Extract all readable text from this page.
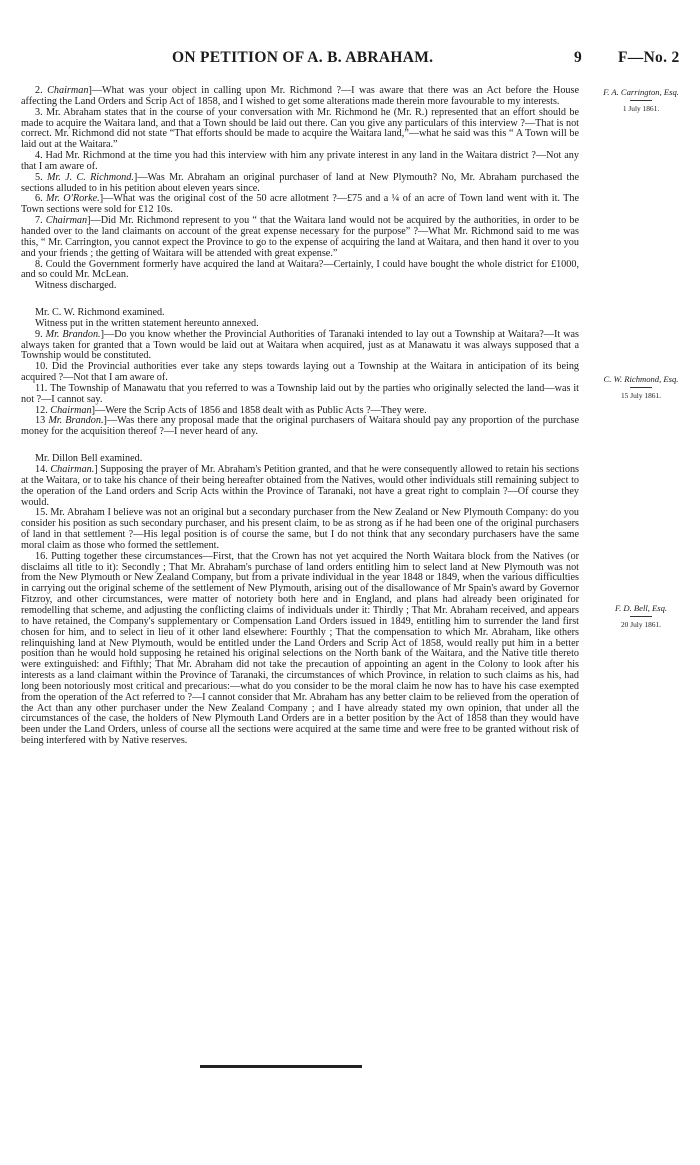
ON PETITION OF A. B. ABRAHAM.	9 F—No. 2

2. Chairman]—What was your object in calling upon Mr. Richmond ?—I was aware that there was an Act before the House affecting the Land Orders and Scrip Act of 1858, and I wished to get some alterations made therein more favourable to my interests.

3. Mr. Abraham states that in the course of your conversation with Mr. Richmond he (Mr. R.) represented that an effort should be made to acquire the Waitara land, and that a Town should be laid out there. Can you give any particulars of this interview ?—That is not correct. Mr. Richmond did not state “That efforts should be made to acquire the Waitara land,”—what he said was this “ A Town will be laid out at the Waitara.”

4. Had Mr. Richmond at the time you had this interview with him any private interest in any land in the Waitara district ?—Not any that I am aware of.

5. Mr. J. C. Richmond.]—Was Mr. Abraham an original purchaser of land at New Plymouth? No, Mr. Abraham purchased the sections alluded to in his petition about eleven years since.

6. Mr. O'Rorke.]—What was the original cost of the 50 acre allotment ?—£75 and a ¼ of an acre of Town land went with it. The Town sections were sold for £12 10s.

7. Chairman]—Did Mr. Richmond represent to you “ that the Waitara land would not be acquired by the authorities, in order to be handed over to the land claimants on account of the great expense necessary for the purpose” ?—What Mr. Richmond said to me was this, “ Mr. Carrington, you cannot expect the Province to go to the expense of acquiring the land at Waitara, and then hand it over to you and your friends ; the getting of Waitara will be attended with great expense.”

8. Could the Government formerly have acquired the land at Waitara?—Certainly, I could have bought the whole district for £1000, and so could Mr. McLean.

Witness discharged.

Mr. C. W. Richmond examined.

Witness put in the written statement hereunto annexed.

9. Mr. Brandon.]—Do you know whether the Provincial Authorities of Taranaki intended to lay out a Township at Waitara?—It was always taken for granted that a Town would be laid out at Waitara when acquired, just as at Manawatu it was always supposed that a Township would be constituted.

10. Did the Provincial authorities ever take any steps towards laying out a Township at the Waitara in anticipation of its being acquired ?—Not that I am aware of.

11. The Township of Manawatu that you referred to was a Township laid out by the parties who originally selected the land—was it not ?—I cannot say.

12. Chairman]—Were the Scrip Acts of 1856 and 1858 dealt with as Public Acts ?—They were.

13 Mr. Brandon.]—Was there any proposal made that the original purchasers of Waitara should pay any proportion of the purchase money for the acquisition thereof ?—I never heard of any.

Mr. Dillon Bell examined.

14. Chairman.] Supposing the prayer of Mr. Abraham's Petition granted, and that he were consequently allowed to retain his sections at the Waitara, or to take his chance of their being hereafter obtained from the Natives, would other individuals still remaining subject to the operation of the Land orders and Scrip Acts within the Province of Taranaki, not have a great right to complain ?—Of course they would.

15. Mr. Abraham I believe was not an original but a secondary purchaser from the New Zealand or New Plymouth Company: do you consider his position as such secondary purchaser, and his present claim, to be as strong as if he had been one of the original purchasers of land in that settlement ?—His legal position is of course the same, but I do not think that any secondary purchasers have the same moral claim as those who formed the settlement.

16. Putting together these circumstances—First, that the Crown has not yet acquired the North Waitara block from the Natives (or disclaims all title to it): Secondly ; That Mr. Abraham's purchase of land orders entitling him to select land at New Plymouth was not from the New Plymouth or New Zealand Company, but from a private individual in the year 1848 or 1849, when the various difficulties in carrying out the original scheme of the settlement of New Plymouth, arising out of the disallowance of Mr Spain's award by Governor Fitzroy, and other circumstances, were matter of notoriety both here and in England, and plans had already been originated for remodelling that scheme, and adjusting the conflicting claims of individuals under it: Thirdly ; That Mr. Abraham received, and appears to have retained, the Company's supplementary or Compensation Land Orders issued in 1849, entitling him to surrender the land first chosen for him, and to select in lieu of it other land elsewhere: Fourthly ; That the compensation to which Mr. Abraham, like others relinquishing land at New Plymouth, would be entitled under the Land Orders and Scrip Act of 1858, would really put him in a better position than he would hold supposing he retained his original selections on the North bank of the Waitara, and the Native title thereto were extinguished: and Fifthly; That Mr. Abraham did not take the precaution of appointing an agent in the Colony to look after his interests as a land claimant within the Province of Taranaki, the circumstances of which Province, in relation to such claims as his, had long been notoriously most critical and precarious:—what do you consider to be the moral claim he now has to have his case exempted from the operation of the Act referred to ?—I cannot consider that Mr. Abraham has any better claim to be relieved from the operation of the Act than any other purchaser under the New Zealand Company ; and I have already stated my own opinion, that under all the circumstances of the case, the holders of New Plymouth Land Orders are in a better position by the Act of 1858 than they would have been under the Land Orders, unless of course all the sections were acquired at the same time and were free to be granted without risk of being interfered with by Native reserves.

F. A. Carrington, Esq.
1 July 1861.
C. W. Richmond, Esq.
15 July 1861.
F. D. Bell, Esq.
20 July 1861.
